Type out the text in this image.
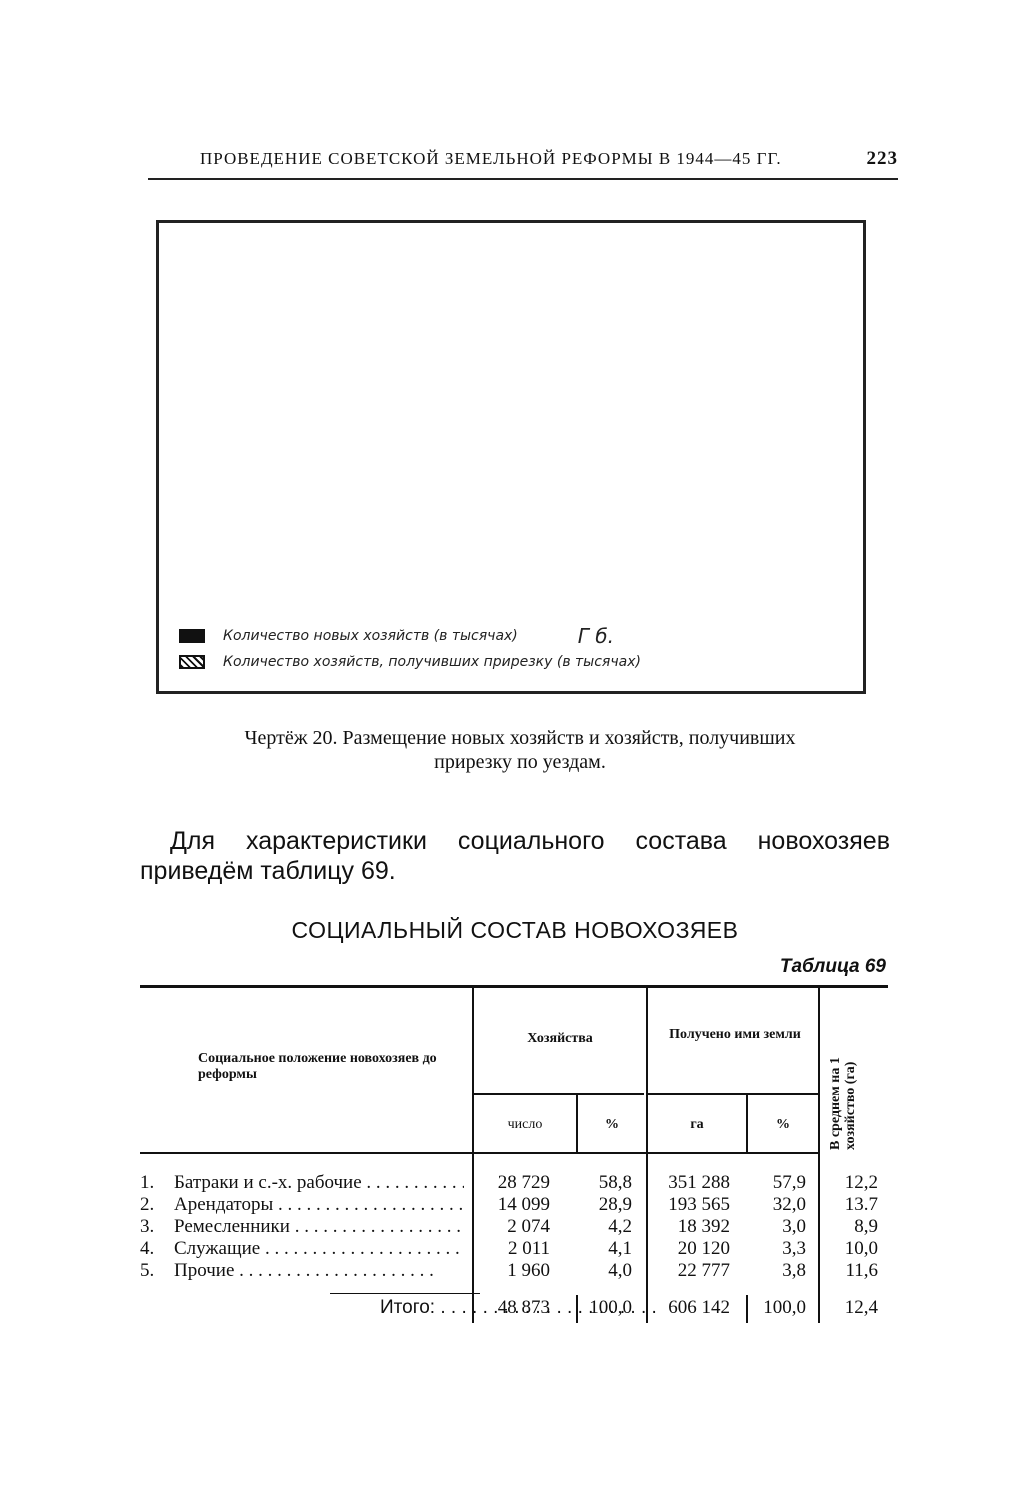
ПРОВЕДЕНИЕ СОВЕТСКОЙ ЗЕМЕЛЬНОЙ РЕФОРМЫ В 1944—45 ГГ.	223
Количество новых хозяйств (в тысячах)	Г б.
Количество хозяйств, получивших прирезку (в тысячах)
Чертёж 20. Размещение новых хозяйств и хозяйств, получивших
прирезку по уездам.
Для характеристики социального состава новохозяев приведём таблицу 69.
СОЦИАЛЬНЫЙ СОСТАВ НОВОХОЗЯЕВ
Таблица 69
Социальное положение новохозяев до реформы
Хозяйства	Получено ими земли
В среднем на 1 хозяйство (га)
число	%	га	%
1.	Батраки и с.-х. рабочие . . .	28 729	58,8	351 288	57,9	12,2
2.	Арендаторы . . .	14 099	28,9	193 565	32,0	13.7
3.	Ремесленники . . .	2 074	4,2	18 392	3,0	8,9
4.	Служащие . . .	2 011	4,1	20 120	3,3	10,0
5.	Прочие . . .	1 960	4,0	22 777	3,8	11,6
Итого: . . .	48 873	100,0	606 142	100,0	12,4
